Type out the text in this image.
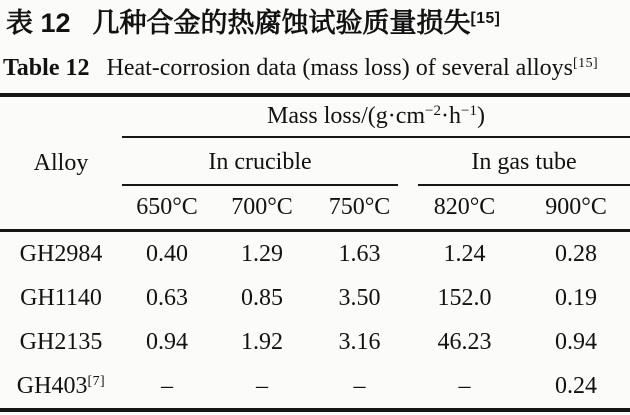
表 12 几种合金的热腐蚀试验质量损失[15]
Table 12 Heat-corrosion data (mass loss) of several alloys[15]
Alloy	Mass loss/$(g\cdot cm^{-2}\cdot h^{-1})$				

	In crucible			In gas tube	

	650°C	700°C	750°C	820°C	900°C
GH2984	0.40	1.29	1.63	1.24	0.28
GH1140	0.63	0.85	3.50	152.0	0.19
GH2135	0.94	1.92	3.16	46.23	0.94
GH403[7]	–	–	–	–	0.24
